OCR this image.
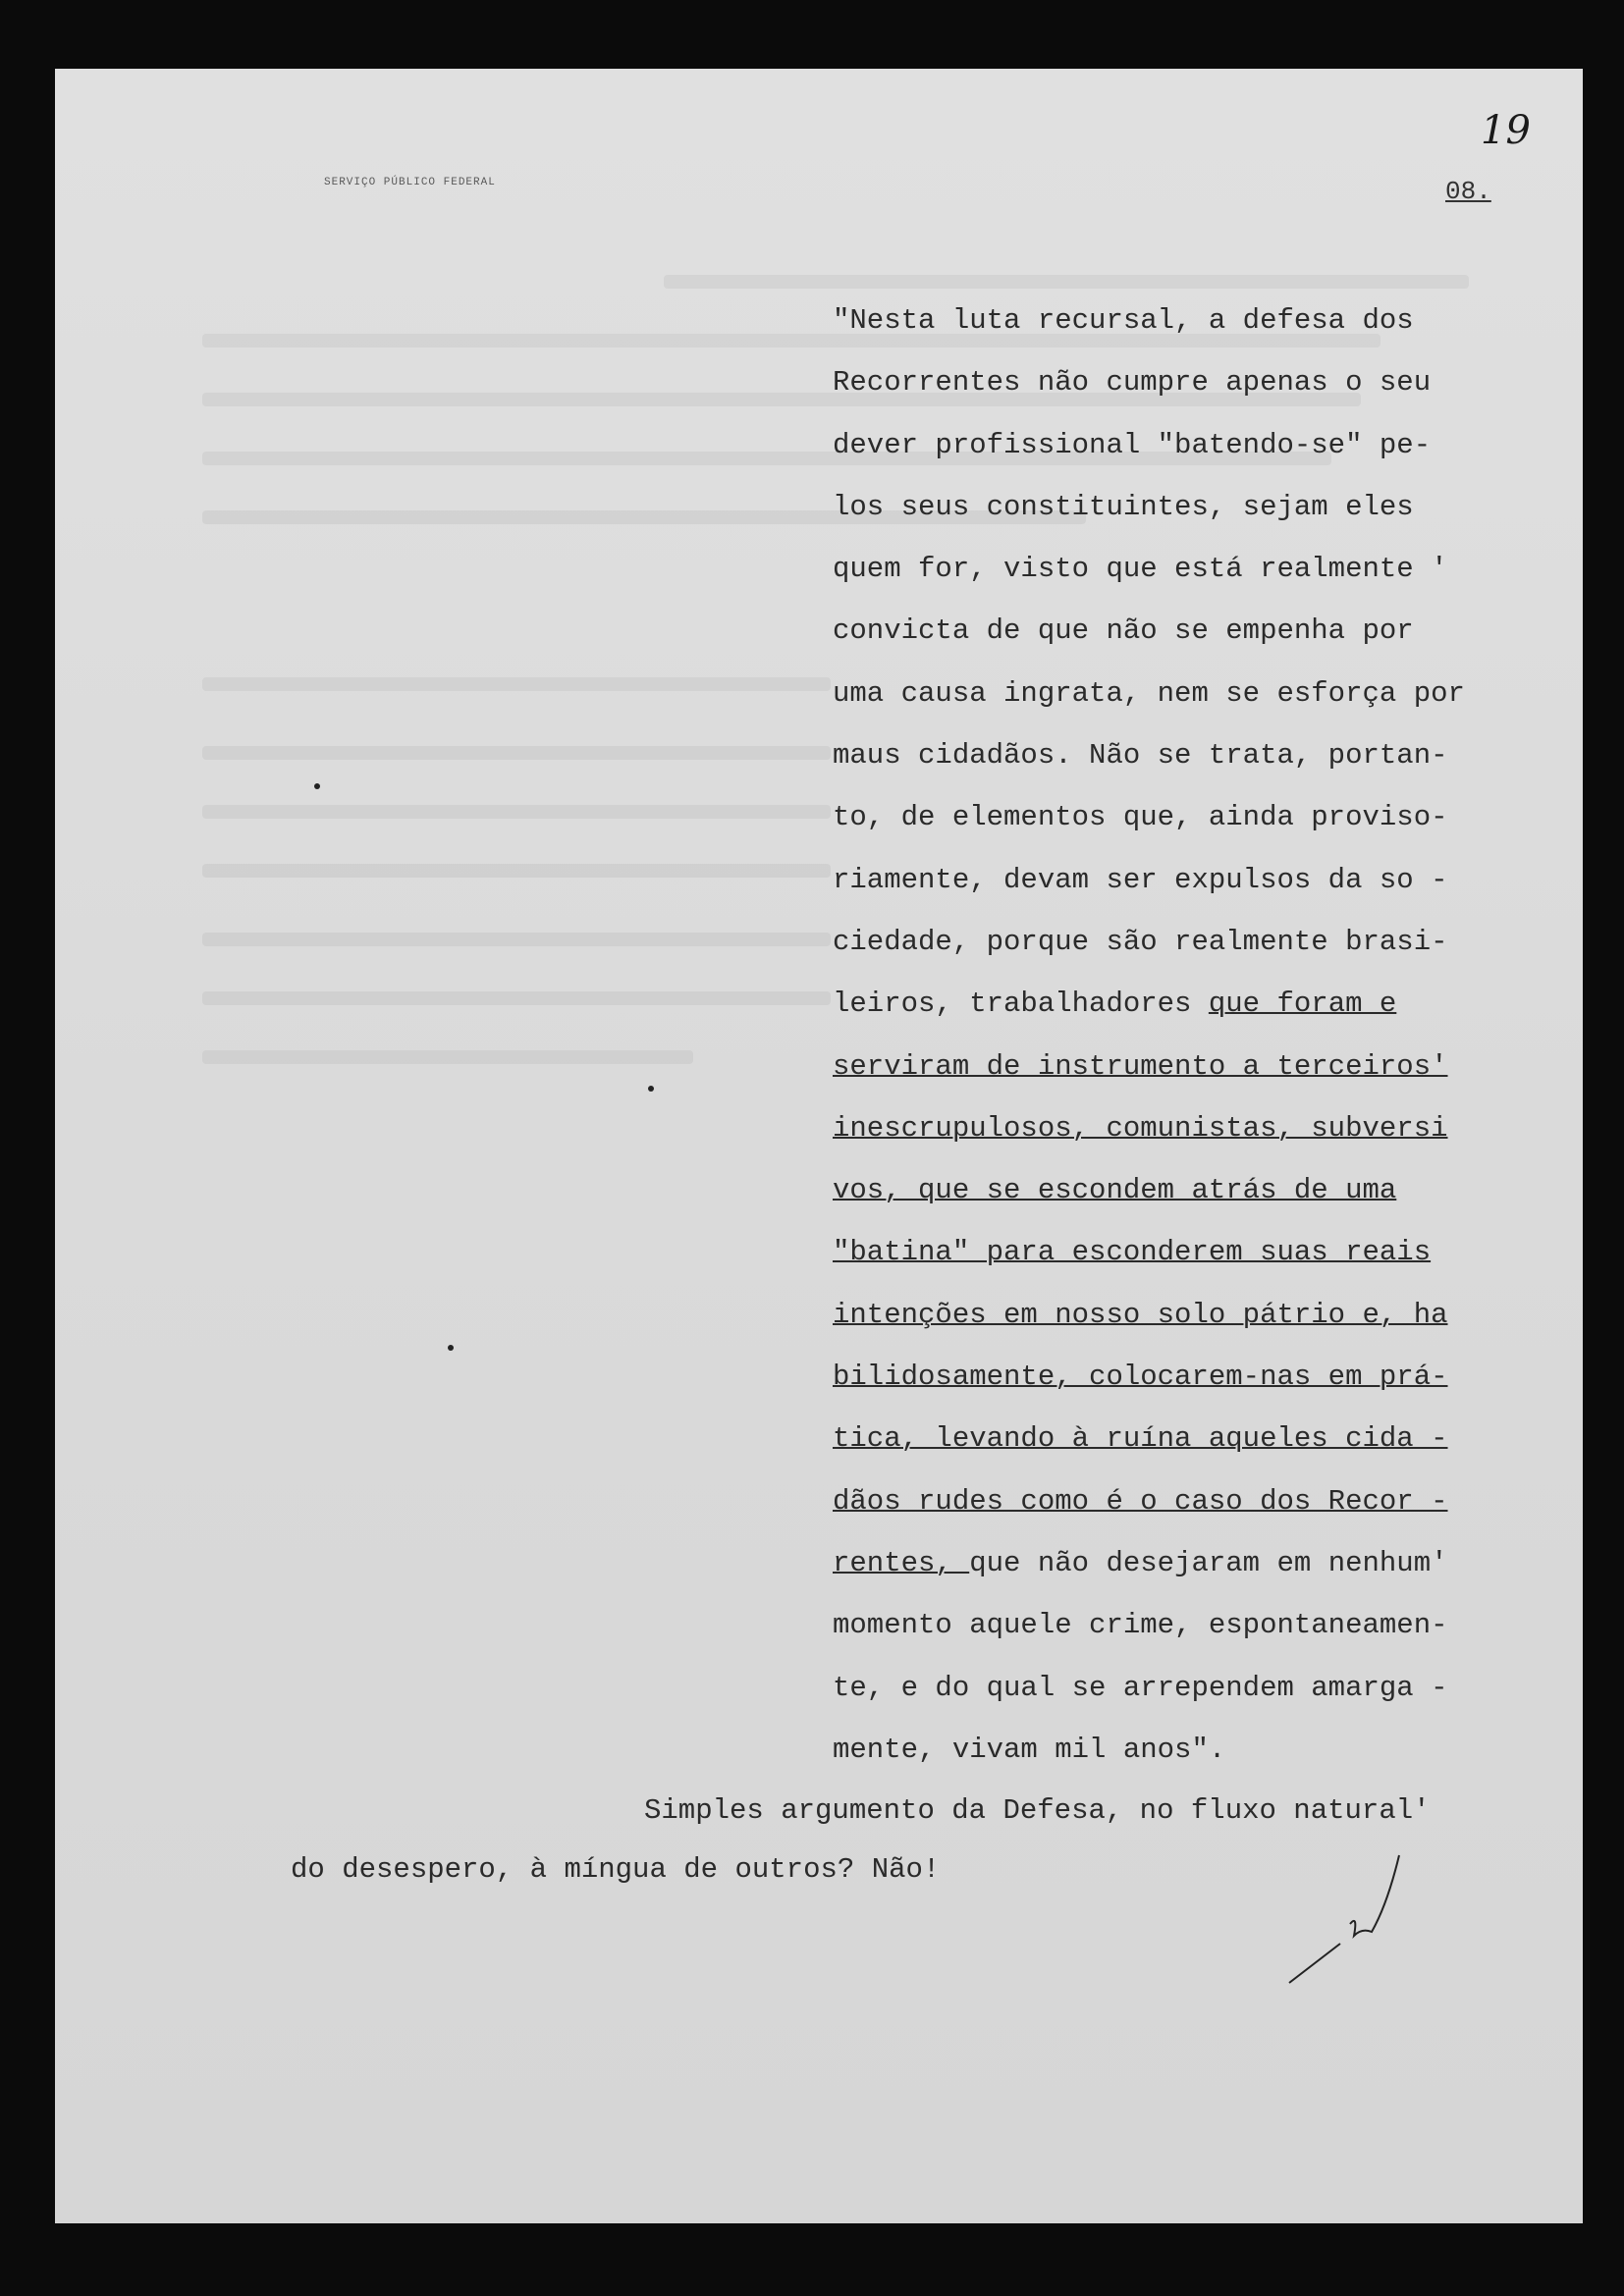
SERVIÇO PÚBLICO FEDERAL
19
08.
"Nesta luta recursal, a defesa dos
Recorrentes não cumpre apenas o seu
dever profissional "batendo-se" pe-
los seus constituintes, sejam eles
quem for, visto que está realmente '
convicta de que não se empenha por
uma causa ingrata, nem se esforça por
maus cidadãos. Não se trata, portan-
to, de elementos que, ainda proviso-
riamente, devam ser expulsos da so -
ciedade, porque são realmente brasi-
leiros, trabalhadores que foram e
serviram de instrumento a terceiros'
inescrupulosos, comunistas, subversi
vos, que se escondem atrás de uma
"batina" para esconderem suas reais
intenções em nosso solo pátrio e, ha
bilidosamente, colocarem-nas em prá-
tica, levando à ruína aqueles cida -
dãos rudes como é o caso dos Recor -
rentes, que não desejaram em nenhum'
momento aquele crime, espontaneamen-
te, e do qual se arrependem amarga -
mente, vivam mil anos".

Simples argumento da Defesa, no fluxo natural'

do desespero, à míngua de outros? Não!
